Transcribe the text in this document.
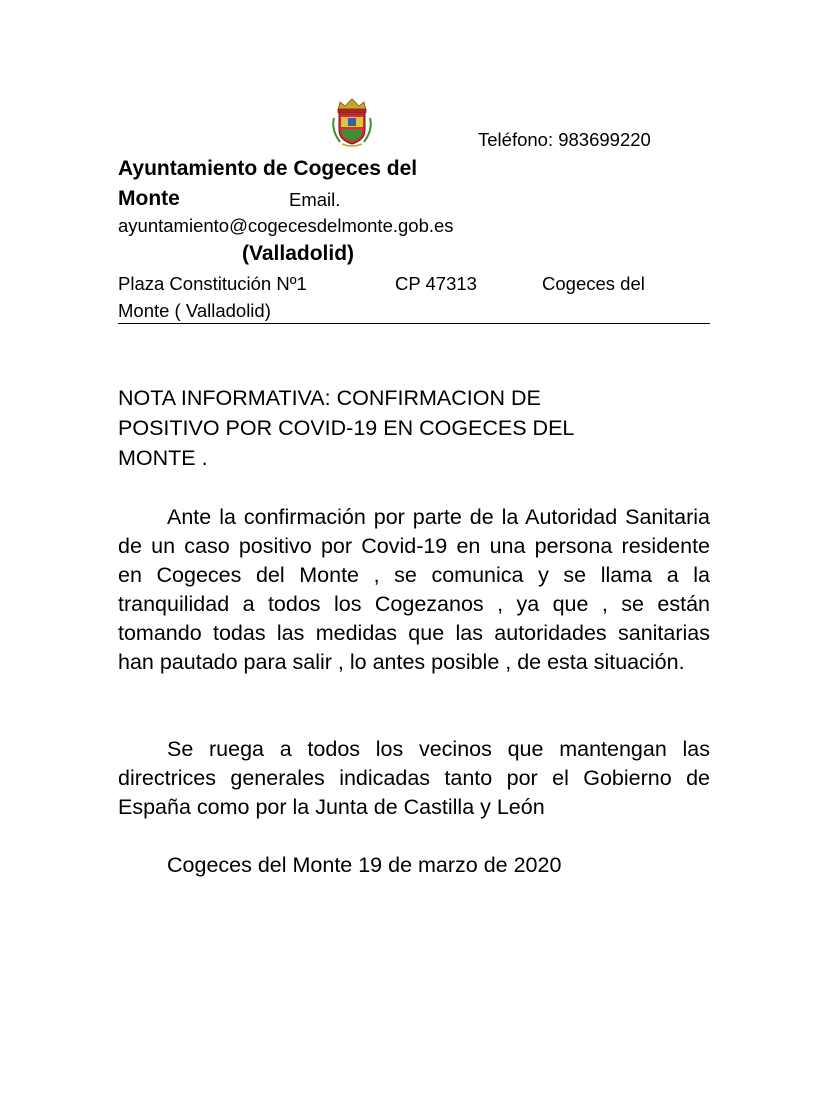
Teléfono: 983699220
Ayuntamiento de Cogeces del
Monte	Email.
ayuntamiento@cogecesdelmonte.gob.es
(Valladolid)
Plaza Constitución Nº1	CP 47313	Cogeces del
Monte ( Valladolid)
NOTA INFORMATIVA: CONFIRMACION DE
POSITIVO POR COVID-19 EN COGECES DEL
MONTE .
Ante la confirmación por parte de la Autoridad Sanitaria de un caso positivo por Covid-19 en una persona residente en Cogeces del Monte , se comunica y se llama a la tranquilidad a todos los Cogezanos , ya que , se están tomando todas las medidas que las autoridades sanitarias han pautado para salir , lo antes posible , de esta situación.
Se ruega a todos los vecinos que mantengan las directrices generales indicadas tanto por el Gobierno de España como por la Junta de Castilla y León
Cogeces del Monte 19 de marzo de 2020
